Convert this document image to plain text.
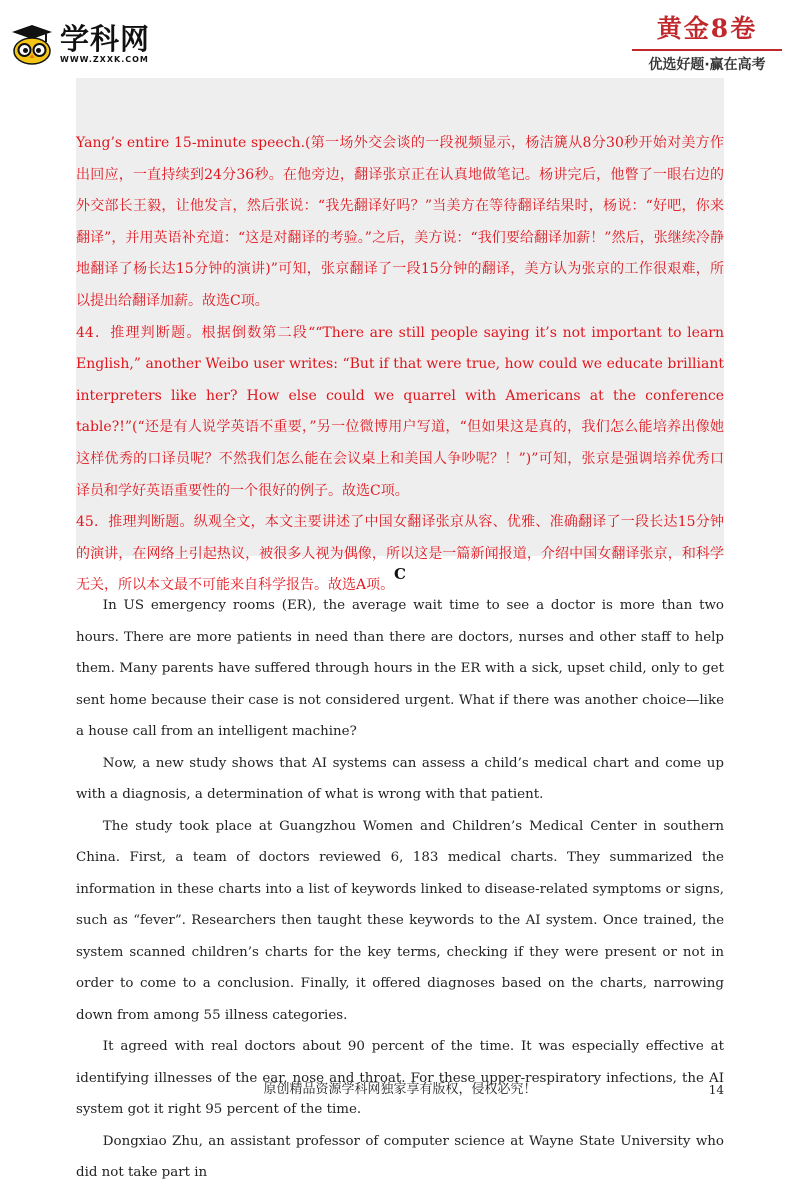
学科网
WWW.ZXXK.COM
黄金8卷
优选好题·赢在高考

Yang’s entire 15-minute speech.(第一场外交会谈的一段视频显示，杨洁篪从8分30秒开始对美方作出回应，一直持续到24分36秒。在他旁边，翻译张京正在认真地做笔记。杨讲完后，他瞥了一眼右边的外交部长王毅，让他发言，然后张说：“我先翻译好吗？”当美方在等待翻译结果时，杨说：“好吧，你来翻译”，并用英语补充道：“这是对翻译的考验。”之后，美方说：“我们要给翻译加薪！”然后，张继续冷静地翻译了杨长达15分钟的演讲)”可知，张京翻译了一段15分钟的翻译，美方认为张京的工作很艰难，所以提出给翻译加薪。故选C项。

44．推理判断题。根据倒数第二段““There are still people saying it’s not important to learn English,” another Weibo user writes: “But if that were true, how could we educate brilliant interpreters like her? How else could we quarrel with Americans at the conference table?!”(“还是有人说学英语不重要，”另一位微博用户写道，“但如果这是真的，我们怎么能培养出像她这样优秀的口译员呢？不然我们怎么能在会议桌上和美国人争吵呢？！”)”可知，张京是强调培养优秀口译员和学好英语重要性的一个很好的例子。故选C项。

45．推理判断题。纵观全文，本文主要讲述了中国女翻译张京从容、优雅、准确翻译了一段长达15分钟的演讲，在网络上引起热议，被很多人视为偶像，所以这是一篇新闻报道，介绍中国女翻译张京，和科学无关，所以本文最不可能来自科学报告。故选A项。

C

In US emergency rooms (ER), the average wait time to see a doctor is more than two hours. There are more patients in need than there are doctors, nurses and other staff to help them. Many parents have suffered through hours in the ER with a sick, upset child, only to get sent home because their case is not considered urgent. What if there was another choice—like a house call from an intelligent machine?

Now, a new study shows that AI systems can assess a child’s medical chart and come up with a diagnosis, a determination of what is wrong with that patient.

The study took place at Guangzhou Women and Children’s Medical Center in southern China. First, a team of doctors reviewed 6, 183 medical charts. They summarized the information in these charts into a list of keywords linked to disease-related symptoms or signs, such as “fever”. Researchers then taught these keywords to the AI system. Once trained, the system scanned children’s charts for the key terms, checking if they were present or not in order to come to a conclusion. Finally, it offered diagnoses based on the charts, narrowing down from among 55 illness categories.

It agreed with real doctors about 90 percent of the time. It was especially effective at identifying illnesses of the ear, nose and throat. For these upper-respiratory infections, the AI system got it right 95 percent of the time.

Dongxiao Zhu, an assistant professor of computer science at Wayne State University who did not take part in

原创精品资源学科网独家享有版权，侵权必究！	14
